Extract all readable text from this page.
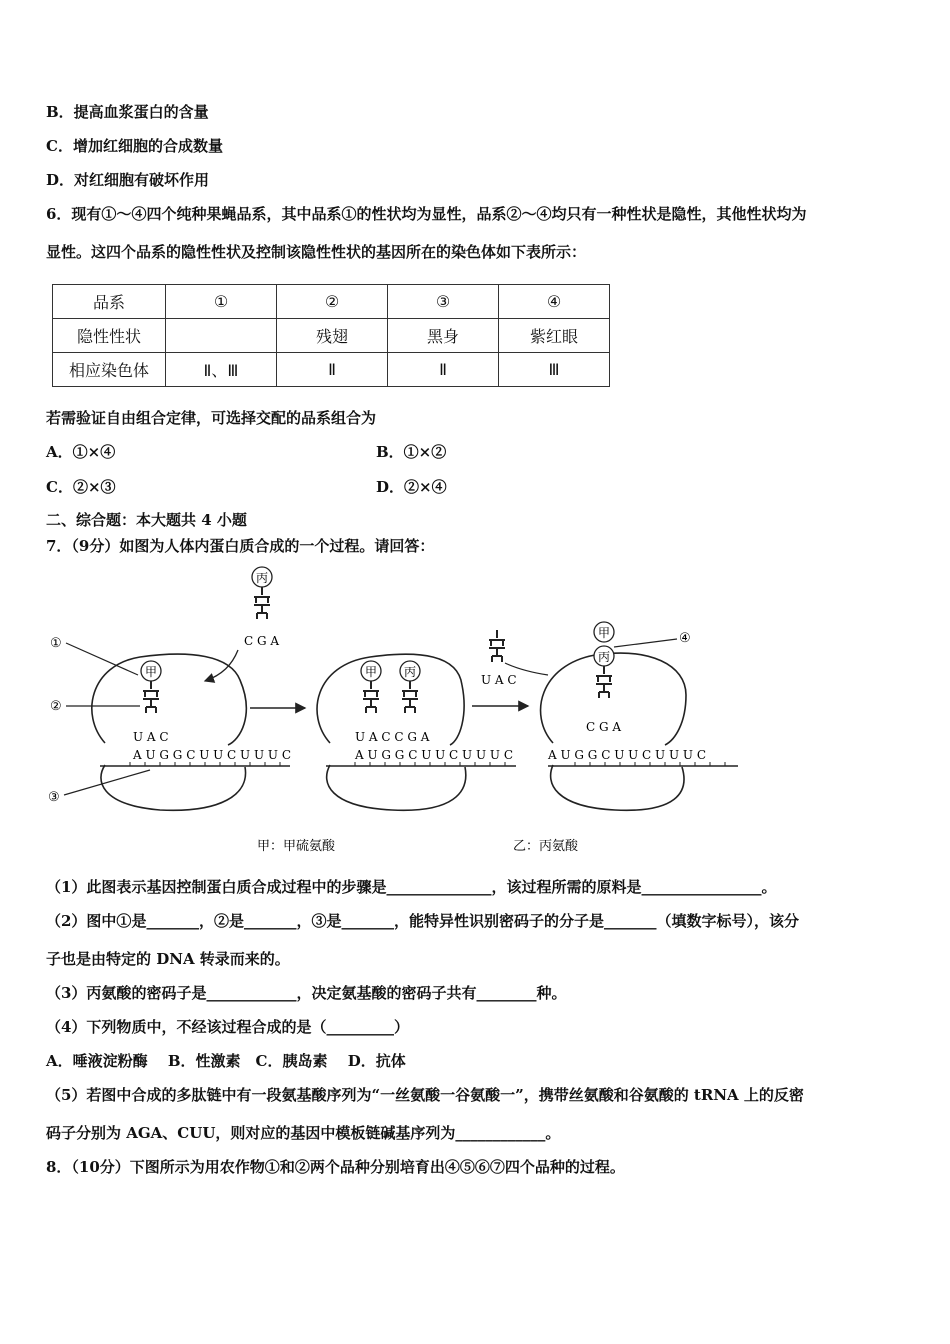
B．提高血浆蛋白的含量
C．增加红细胞的合成数量
D．对红细胞有破坏作用
6．现有①～④四个纯种果蝇品系，其中品系①的性状均为显性，品系②～④均只有一种性状是隐性，其他性状均为
显性。这四个品系的隐性性状及控制该隐性性状的基因所在的染色体如下表所示：
品系	①	②	③	④
隐性性状		残翅	黑身	紫红眼
相应染色体	Ⅱ、Ⅲ	Ⅱ	Ⅱ	Ⅲ
若需验证自由组合定律，可选择交配的品系组合为
A．①×④	B．①×②
C．②×③	D．②×④
二、综合题：本大题共 4 小题
7．（9分）如图为人体内蛋白质合成的一个过程。请回答：
甲
U A C
A U G G C U U C U U U C
丙
C G A
①
②
③
甲 丙
U A C C G A
A U G G C U U C U U U C
U A C
甲
丙
C G A
A U G G C U U C U U U C
④
甲：甲硫氨酸	乙：丙氨酸
（1）此图表示基因控制蛋白质合成过程中的步骤是______________，该过程所需的原料是________________。
（2）图中①是_______，②是_______，③是_______，能特异性识别密码子的分子是_______（填数字标号），该分
子也是由特定的 DNA 转录而来的。
（3）丙氨酸的密码子是____________，决定氨基酸的密码子共有________种。
（4）下列物质中，不经该过程合成的是（_________）
A．唾液淀粉酶　 B．性激素　C．胰岛素　 D．抗体
（5）若图中合成的多肽链中有一段氨基酸序列为“一丝氨酸一谷氨酸一”，携带丝氨酸和谷氨酸的 tRNA 上的反密
码子分别为 AGA、CUU，则对应的基因中模板链碱基序列为____________。
8．（10分）下图所示为用农作物①和②两个品种分别培育出④⑤⑥⑦四个品种的过程。
